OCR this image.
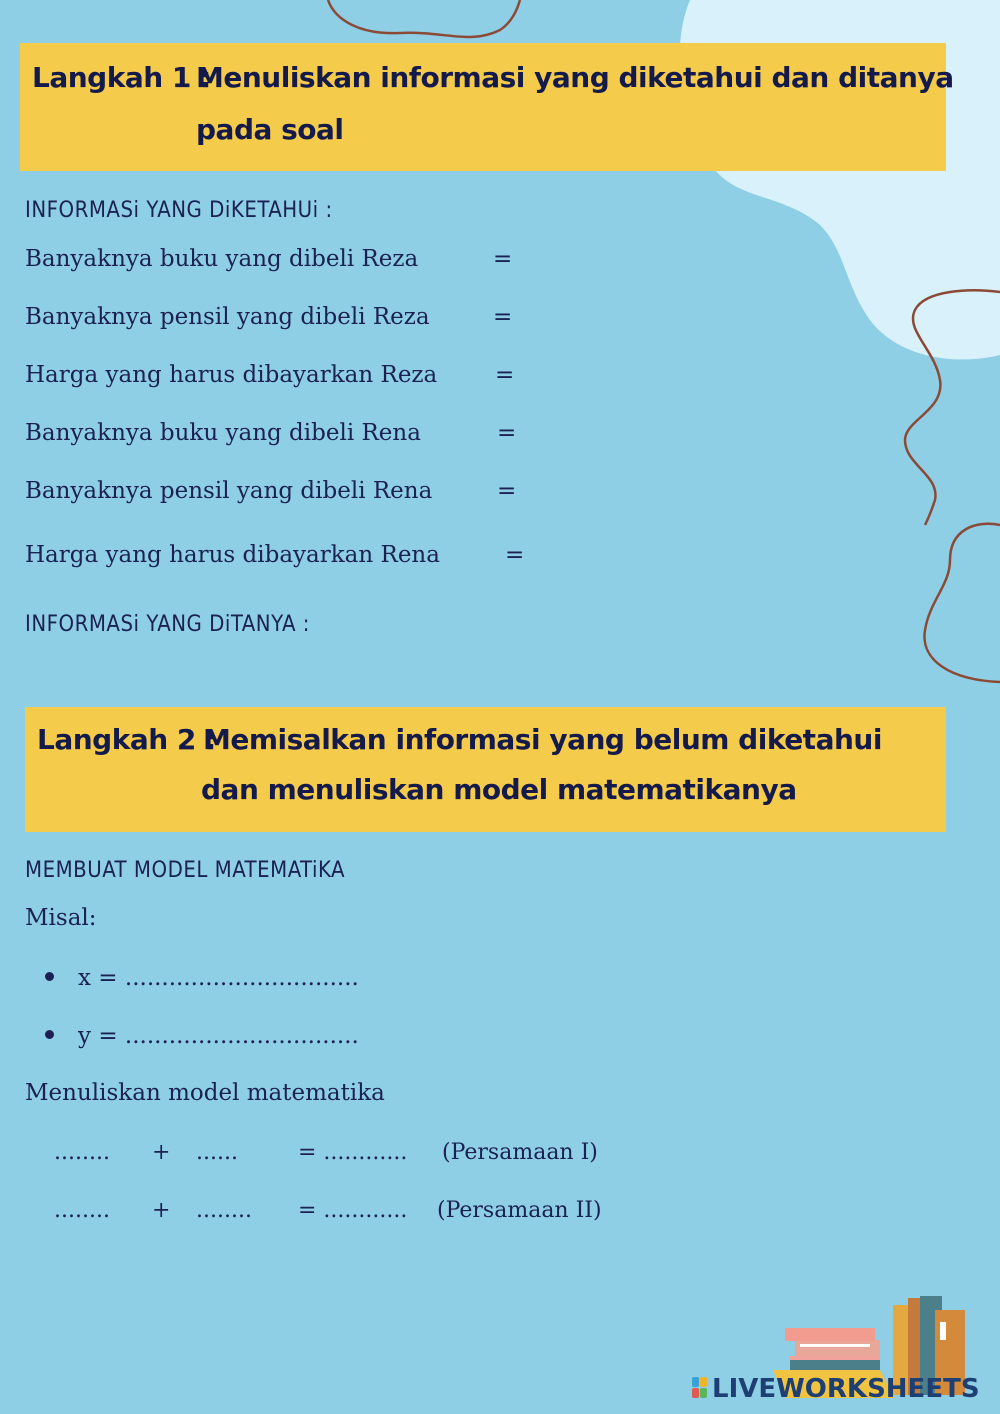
Langkah 1 :
Menuliskan informasi yang diketahui dan ditanya
pada soal
INFORMASi YANG DiKETAHUi :
Banyaknya buku yang dibeli Reza	=
Banyaknya pensil yang dibeli Reza	=
Harga yang harus dibayarkan Reza	=
Banyaknya buku yang dibeli Rena	=
Banyaknya pensil yang dibeli Rena	=
Harga yang harus dibayarkan Rena	=
INFORMASi YANG DiTANYA :
Langkah 2 :
Memisalkan informasi yang belum diketahui
dan menuliskan model matematikanya
MEMBUAT MODEL MATEMATiKA
Misal:
x = ................................
y = ................................
Menuliskan model matematika
........ + ......	= ............ (Persamaan I)
........ + ........ = ............ (Persamaan II)
LIVEWORKSHEETS
